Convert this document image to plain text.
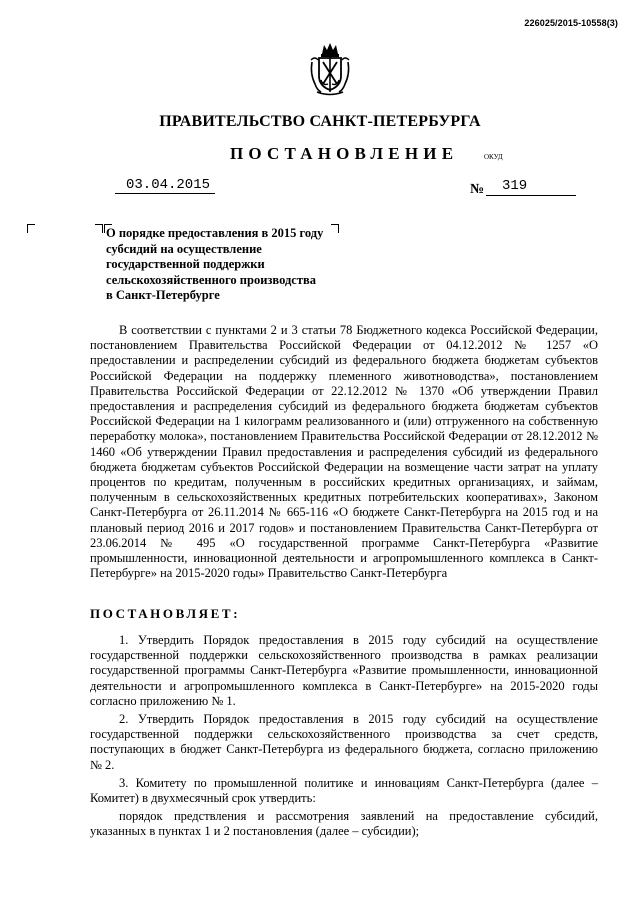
226025/2015-10558(3)
ПРАВИТЕЛЬСТВО САНКТ-ПЕТЕРБУРГА
ПОСТАНОВЛЕНИЕ	ОКУД
03.04.2015	№ 319
О порядке предоставления в 2015 году
субсидий на осуществление
государственной поддержки
сельскохозяйственного производства
в Санкт-Петербурге

В соответствии с пунктами 2 и 3 статьи 78 Бюджетного кодекса Российской Федерации, постановлением Правительства Российской Федерации от 04.12.2012 № 1257 «О предоставлении и распределении субсидий из федерального бюджета бюджетам субъектов Российской Федерации на поддержку племенного животноводства», постановлением Правительства Российской Федерации от 22.12.2012 № 1370 «Об утверждении Правил предоставления и распределения субсидий из федерального бюджета бюджетам субъектов Российской Федерации на 1 килограмм реализованного и (или) отгруженного на собственную переработку молока», постановлением Правительства Российской Федерации от 28.12.2012 № 1460 «Об утверждении Правил предоставления и распределения субсидий из федерального бюджета бюджетам субъектов Российской Федерации на возмещение части затрат на уплату процентов по кредитам, полученным в российских кредитных организациях, и займам, полученным в сельскохозяйственных кредитных потребительских кооперативах», Законом Санкт-Петербурга от 26.11.2014 № 665-116 «О бюджете Санкт-Петербурга на 2015 год и на плановый период 2016 и 2017 годов» и постановлением Правительства Санкт-Петербурга от 23.06.2014 № 495 «О государственной программе Санкт-Петербурга «Развитие промышленности, инновационной деятельности и агропромышленного комплекса в Санкт-Петербурге» на 2015-2020 годы» Правительство Санкт-Петербурга

ПОСТАНОВЛЯЕТ:

1. Утвердить Порядок предоставления в 2015 году субсидий на осуществление государственной поддержки сельскохозяйственного производства в рамках реализации государственной программы Санкт-Петербурга «Развитие промышленности, инновационной деятельности и агропромышленного комплекса в Санкт-Петербурге» на 2015-2020 годы согласно приложению № 1.

2. Утвердить Порядок предоставления в 2015 году субсидий на осуществление государственной поддержки сельскохозяйственного производства за счет средств, поступающих в бюджет Санкт-Петербурга из федерального бюджета, согласно приложению № 2.

3. Комитету по промышленной политике и инновациям Санкт-Петербурга (далее – Комитет) в двухмесячный срок утвердить:

порядок предствления и рассмотрения заявлений на предоставление субсидий, указанных в пунктах 1 и 2 постановления (далее – субсидии);
